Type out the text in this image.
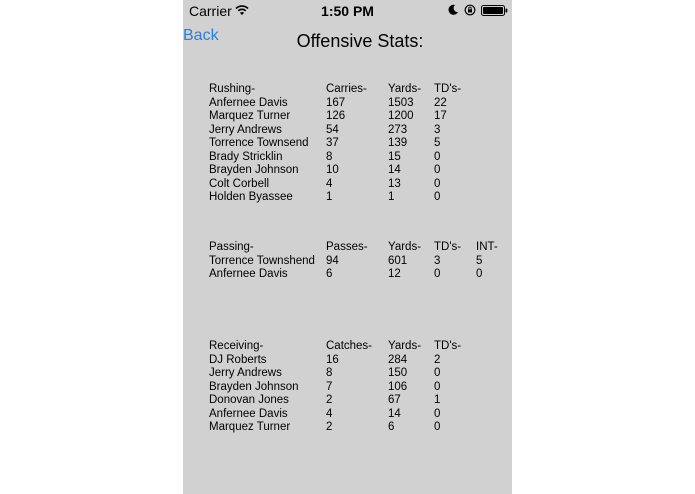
Carrier	1:50 PM
Back	Offensive Stats:
Rushing-	Carries- Yards- TD's-
Anfernee Davis	167	1503 22
Marquez Turner	126	1200 17
Jerry Andrews	54	273 3
Torrence Townsend 37	139 5
Brady Stricklin	8	15	0
Brayden Johnson 10	14	0
Colt Corbell	4	13	0
Holden Byassee	1	1	0
Passing-	Passes- Yards- TD's- INT-
Torrence Townshend 94	601 3	5
Anfernee Davis	6	12	0	0
Receiving-	Catches- Yards- TD's-
DJ Roberts	16	284 2
Jerry Andrews	8	150 0
Brayden Johnson 7	106 0
Donovan Jones	2	67	1
Anfernee Davis	4	14	0
Marquez Turner	2	6	0
